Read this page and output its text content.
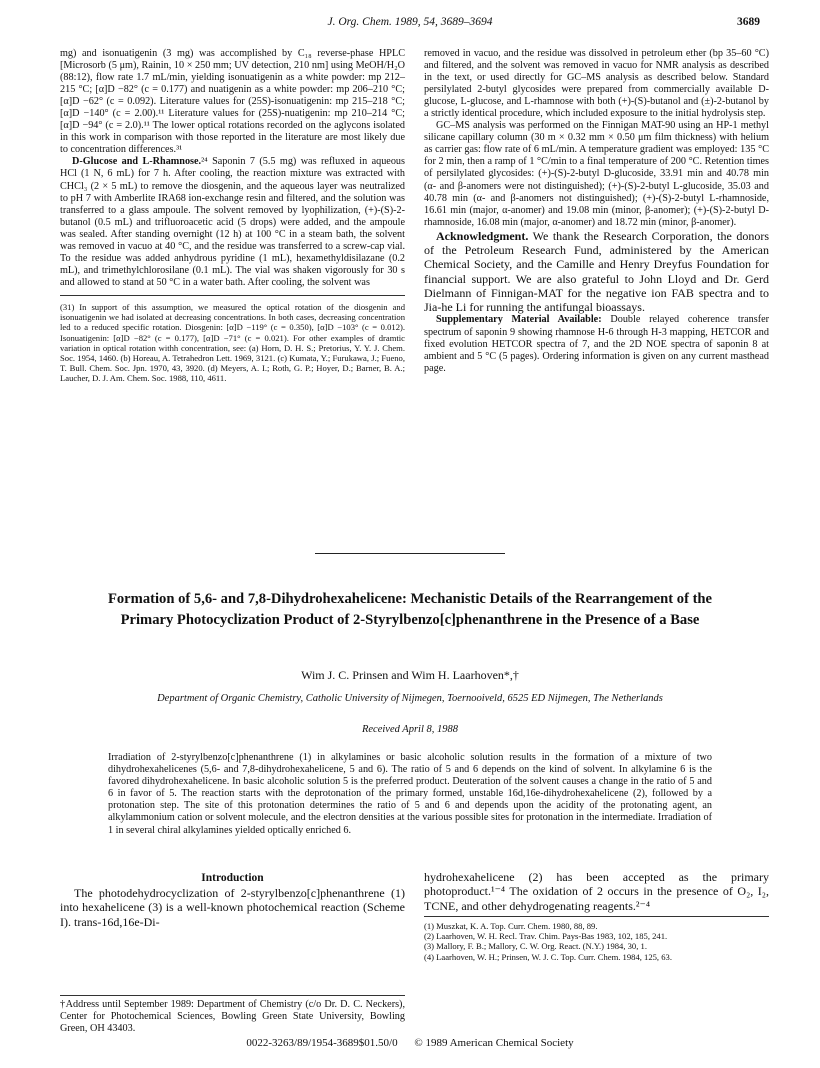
J. Org. Chem. 1989, 54, 3689–3694	3689

mg) and isonuatigenin (3 mg) was accomplished by C₁₈ reverse-phase HPLC [Microsorb (5 μm), Rainin, 10 × 250 mm; UV detection, 210 nm] using MeOH/H₂O (88:12), flow rate 1.7 mL/min, yielding isonuatigenin as a white powder: mp 212–215 °C; [α]D −82° (c = 0.177) and nuatigenin as a white powder: mp 206–210 °C; [α]D −62° (c = 0.092). Literature values for (25S)-isonuatigenin: mp 215–218 °C; [α]D −140° (c = 2.00).¹¹ Literature values for (25S)-nuatigenin: mp 210–214 °C; [α]D −94° (c = 2.0).¹¹ The lower optical rotations recorded on the aglycons isolated in this work in comparison with those reported in the literature are most likely due to concentration differences.³¹

D-Glucose and L-Rhamnose.²⁴ Saponin 7 (5.5 mg) was refluxed in aqueous HCl (1 N, 6 mL) for 7 h. After cooling, the reaction mixture was extracted with CHCl₃ (2 × 5 mL) to remove the diosgenin, and the aqueous layer was neutralized to pH 7 with Amberlite IRA68 ion-exchange resin and filtered, and the solution was transferred to a glass ampoule. The solvent removed by lyophilization, (+)-(S)-2-butanol (0.5 mL) and trifluoroacetic acid (5 drops) were added, and the ampoule was sealed. After standing overnight (12 h) at 100 °C in a steam bath, the solvent was removed in vacuo at 40 °C, and the residue was transferred to a screw-cap vial. To the residue was added anhydrous pyridine (1 mL), hexamethyldisilazane (0.2 mL), and trimethylchlorosilane (0.1 mL). The vial was shaken vigorously for 30 s and allowed to stand at 50 °C in a water bath. After cooling, the solvent was

(31) In support of this assumption, we measured the optical rotation of the diosgenin and isonuatigenin we had isolated at decreasing concentrations. In both cases, decreasing concentration led to a reduced specific rotation. Diosgenin: [α]D −119° (c = 0.350), [α]D −103° (c = 0.012). Isonuatigenin: [α]D −82° (c = 0.177), [α]D −71° (c = 0.021). For other examples of dramtic variation in optical rotation withh concentration, see: (a) Horn, D. H. S.; Pretorius, Y. Y. J. Chem. Soc. 1954, 1460. (b) Horeau, A. Tetrahedron Lett. 1969, 3121. (c) Kumata, Y.; Furukawa, J.; Fueno, T. Bull. Chem. Soc. Jpn. 1970, 43, 3920. (d) Meyers, A. I.; Roth, G. P.; Hoyer, D.; Barner, B. A.; Laucher, D. J. Am. Chem. Soc. 1988, 110, 4611.

removed in vacuo, and the residue was dissolved in petroleum ether (bp 35–60 °C) and filtered, and the solvent was removed in vacuo for NMR analysis as described in the text, or used directly for GC–MS analysis as described below. Standard persilylated 2-butyl glycosides were prepared from commercially available D-glucose, L-glucose, and L-rhamnose with both (+)-(S)-butanol and (±)-2-butanol by a strictly identical procedure, which included exposure to the initial hydrolysis step.

GC–MS analysis was performed on the Finnigan MAT-90 using an HP-1 methyl silicane capillary column (30 m × 0.32 mm × 0.50 μm film thickness) with helium as carrier gas: flow rate of 6 mL/min. A temperature gradient was employed: 135 °C for 2 min, then a ramp of 1 °C/min to a final temperature of 200 °C. Retention times of persilylated glycosides: (+)-(S)-2-butyl D-glucoside, 33.91 min and 40.78 min (α- and β-anomers were not distinguished); (+)-(S)-2-butyl L-glucoside, 35.03 and 40.78 min (α- and β-anomers not distinguished); (+)-(S)-2-butyl L-rhamnoside, 16.61 min (major, α-anomer) and 19.08 min (minor, β-anomer); (+)-(S)-2-butyl D-rhamnoside, 16.08 min (major, α-anomer) and 18.72 min (minor, β-anomer).

Acknowledgment. We thank the Research Corporation, the donors of the Petroleum Research Fund, administered by the American Chemical Society, and the Camille and Henry Dreyfus Foundation for financial support. We are also grateful to John Lloyd and Dr. Gerd Dielmann of Finnigan-MAT for the negative ion FAB spectra and to Jia-he Li for running the antifungal bioassays.

Supplementary Material Available: Double relayed coherence transfer spectrum of saponin 9 showing rhamnose H-6 through H-3 mapping, HETCOR and fixed evolution HETCOR spectra of 7, and the 2D NOE spectra of saponin 8 at ambient and 5 °C (5 pages). Ordering information is given on any current masthead page.

Formation of 5,6- and 7,8-Dihydrohexahelicene: Mechanistic Details of the Rearrangement of the Primary Photocyclization Product of 2-Styrylbenzo[c]phenanthrene in the Presence of a Base
Wim J. C. Prinsen and Wim H. Laarhoven*,†
Department of Organic Chemistry, Catholic University of Nijmegen, Toernooiveld, 6525 ED Nijmegen, The Netherlands
Received April 8, 1988
Irradiation of 2-styrylbenzo[c]phenanthrene (1) in alkylamines or basic alcoholic solution results in the formation of a mixture of two dihydrohexahelicenes (5,6- and 7,8-dihydrohexahelicene, 5 and 6). The ratio of 5 and 6 depends on the kind of solvent. In alkylamine 6 is the favored dihydrohexahelicene. In basic alcoholic solution 5 is the preferred product. Deuteration of the solvent causes a change in the ratio of 5 and 6 in favor of 5. The reaction starts with the deprotonation of the primary formed, unstable 16d,16e-dihydrohexahelicene (2), followed by a protonation step. The site of this protonation determines the ratio of 5 and 6 and depends upon the acidity of the protonating agent, an alkylammonium cation or solvent molecule, and the electron densities at the various possible sites for protonation in the intermediate. Irradiation of 1 in several chiral alkylamines yielded optically enriched 6.
Introduction

The photodehydrocyclization of 2-styrylbenzo[c]phenanthrene (1) into hexahelicene (3) is a well-known photochemical reaction (Scheme I). trans-16d,16e-Di-

hydrohexahelicene (2) has been accepted as the primary photoproduct.¹⁻⁴ The oxidation of 2 occurs in the presence of O₂, I₂, TCNE, and other dehydrogenating reagents.²⁻⁴

(1) Muszkat, K. A. Top. Curr. Chem. 1980, 88, 89.

(2) Laarhoven, W. H. Recl. Trav. Chim. Pays-Bas 1983, 102, 185, 241.

(3) Mallory, F. B.; Mallory, C. W. Org. React. (N.Y.) 1984, 30, 1.

(4) Laarhoven, W. H.; Prinsen, W. J. C. Top. Curr. Chem. 1984, 125, 63.

†Address until September 1989: Department of Chemistry (c/o Dr. D. C. Neckers), Center for Photochemical Sciences, Bowling Green State University, Bowling Green, OH 43403.

0022-3263/89/1954-3689$01.50/0 © 1989 American Chemical Society
